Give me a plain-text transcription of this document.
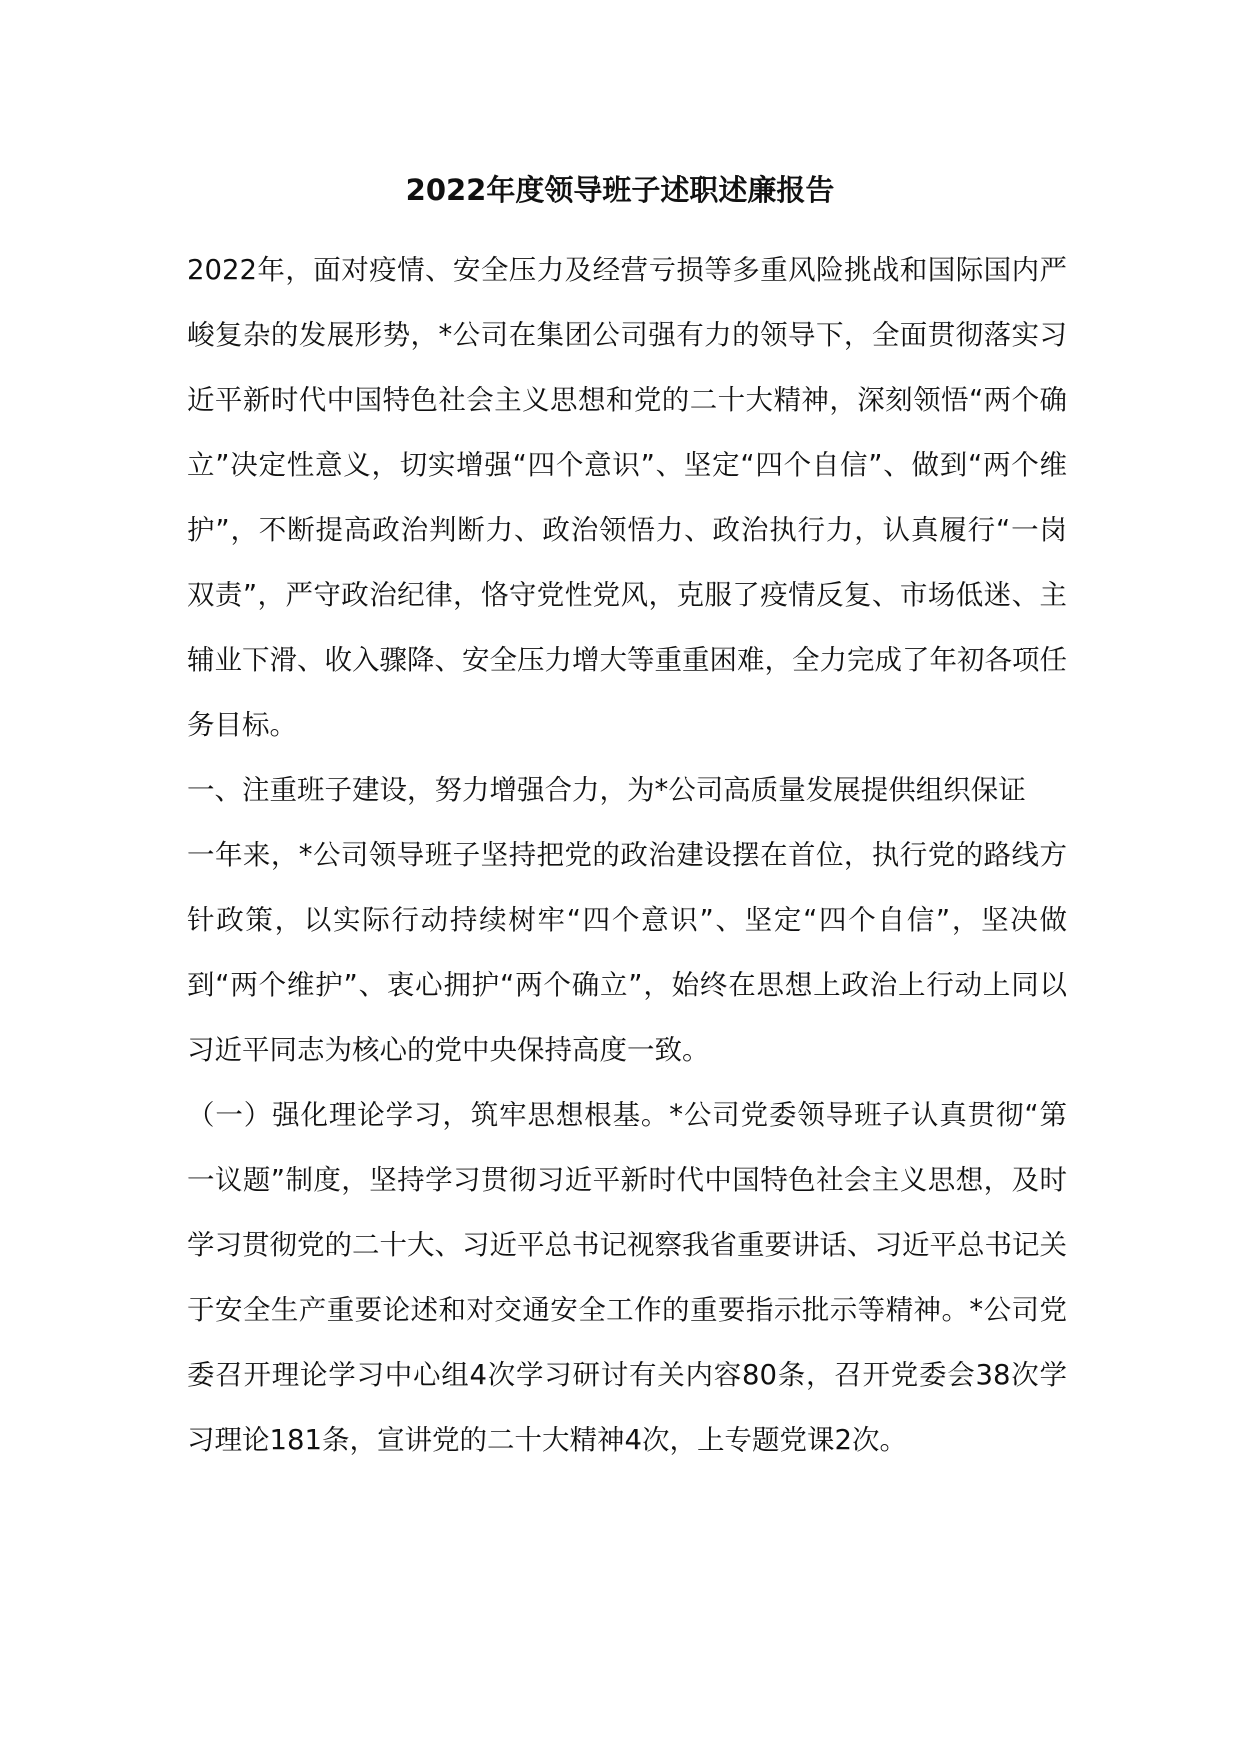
2022年度领导班子述职述廉报告

2022年，面对疫情、安全压力及经营亏损等多重风险挑战和国际国内严峻复杂的发展形势，*公司在集团公司强有力的领导下，全面贯彻落实习近平新时代中国特色社会主义思想和党的二十大精神，深刻领悟“两个确立”决定性意义，切实增强“四个意识”、坚定“四个自信”、做到“两个维护”，不断提高政治判断力、政治领悟力、政治执行力，认真履行“一岗双责”，严守政治纪律，恪守党性党风，克服了疫情反复、市场低迷、主辅业下滑、收入骤降、安全压力增大等重重困难，全力完成了年初各项任务目标。

一、注重班子建设，努力增强合力，为*公司高质量发展提供组织保证

一年来，*公司领导班子坚持把党的政治建设摆在首位，执行党的路线方针政策，以实际行动持续树牢“四个意识”、坚定“四个自信”，坚决做到“两个维护”、衷心拥护“两个确立”，始终在思想上政治上行动上同以习近平同志为核心的党中央保持高度一致。

（一）强化理论学习，筑牢思想根基。*公司党委领导班子认真贯彻“第一议题”制度，坚持学习贯彻习近平新时代中国特色社会主义思想，及时学习贯彻党的二十大、习近平总书记视察我省重要讲话、习近平总书记关于安全生产重要论述和对交通安全工作的重要指示批示等精神。*公司党委召开理论学习中心组4次学习研讨有关内容80条，召开党委会38次学习理论181条，宣讲党的二十大精神4次，上专题党课2次。
